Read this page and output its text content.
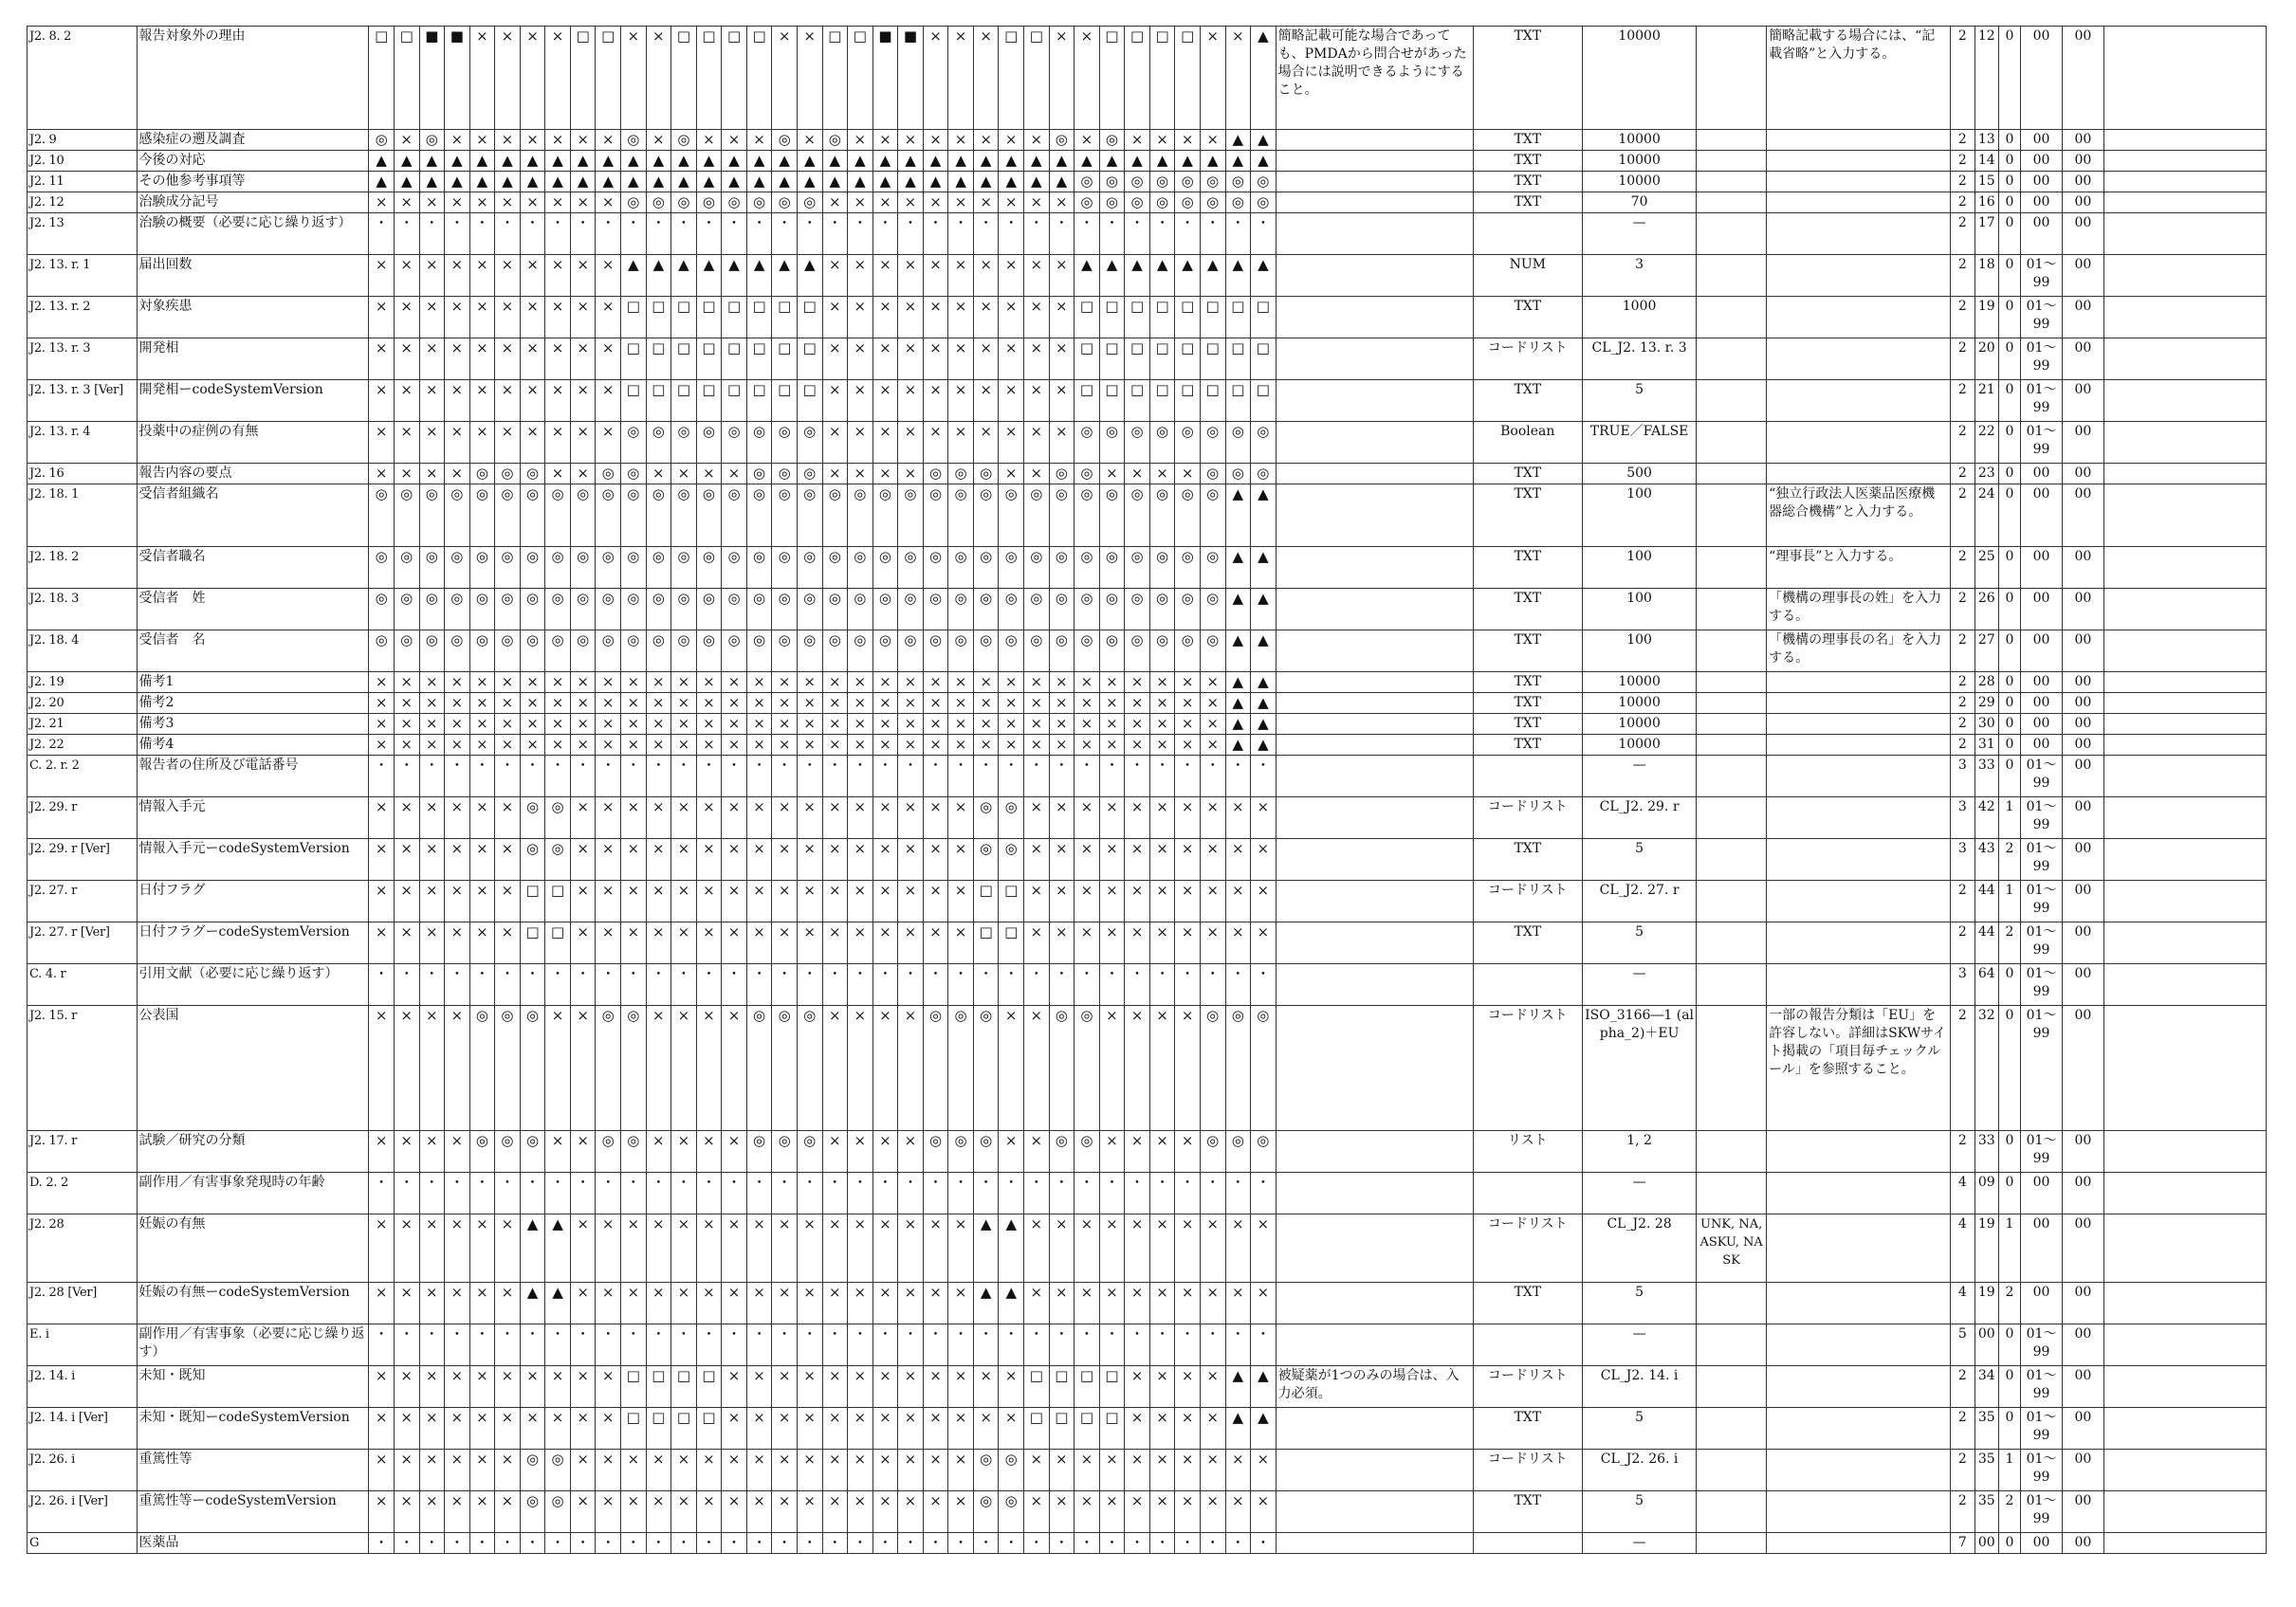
J2. 8. 2	報告対象外の理由	□	□	■	■	×	×	×	×	□	□	×	×	□	□	□	□	×	×	□	□	■	■	×	×	×	□	□	×	×	□	□	□	□	×	×	▲	簡略記載可能な場合であっても、PMDAから問合せがあった場合には説明できるようにすること。	TXT	10000		簡略記載する場合には、“記載省略”と入力する。	2	12	0	00	00	
J2. 9	感染症の遡及調査	◎	×	◎	×	×	×	×	×	×	×	◎	×	◎	×	×	×	◎	×	◎	×	×	×	×	×	×	×	×	◎	×	◎	×	×	×	×	▲	▲		TXT	10000			2	13	0	00	00	
J2. 10	今後の対応	▲	▲	▲	▲	▲	▲	▲	▲	▲	▲	▲	▲	▲	▲	▲	▲	▲	▲	▲	▲	▲	▲	▲	▲	▲	▲	▲	▲	▲	▲	▲	▲	▲	▲	▲	▲		TXT	10000			2	14	0	00	00	
J2. 11	その他参考事項等	▲	▲	▲	▲	▲	▲	▲	▲	▲	▲	▲	▲	▲	▲	▲	▲	▲	▲	▲	▲	▲	▲	▲	▲	▲	▲	▲	▲	◎	◎	◎	◎	◎	◎	◎	◎		TXT	10000			2	15	0	00	00	
J2. 12	治験成分記号	×	×	×	×	×	×	×	×	×	×	◎	◎	◎	◎	◎	◎	◎	◎	×	×	×	×	×	×	×	×	×	×	◎	◎	◎	◎	◎	◎	◎	◎		TXT	70			2	16	0	00	00	
J2. 13	治験の概要（必要に応じ繰り返す）	･	･	･	･	･	･	･	･	･	･	･	･	･	･	･	･	･	･	･	･	･	･	･	･	･	･	･	･	･	･	･	･	･	･	･	･			—			2	17	0	00	00	
J2. 13. r. 1	届出回数	×	×	×	×	×	×	×	×	×	×	▲	▲	▲	▲	▲	▲	▲	▲	×	×	×	×	×	×	×	×	×	×	▲	▲	▲	▲	▲	▲	▲	▲		NUM	3			2	18	0	01～99	00	
J2. 13. r. 2	対象疾患	×	×	×	×	×	×	×	×	×	×	□	□	□	□	□	□	□	□	×	×	×	×	×	×	×	×	×	×	□	□	□	□	□	□	□	□		TXT	1000			2	19	0	01～99	00	
J2. 13. r. 3	開発相	×	×	×	×	×	×	×	×	×	×	□	□	□	□	□	□	□	□	×	×	×	×	×	×	×	×	×	×	□	□	□	□	□	□	□	□		コードリスト	CL_J2. 13. r. 3			2	20	0	01～99	00	
J2. 13. r. 3 [Ver]	開発相ーcodeSystemVersion	×	×	×	×	×	×	×	×	×	×	□	□	□	□	□	□	□	□	×	×	×	×	×	×	×	×	×	×	□	□	□	□	□	□	□	□		TXT	5			2	21	0	01～99	00	
J2. 13. r. 4	投薬中の症例の有無	×	×	×	×	×	×	×	×	×	×	◎	◎	◎	◎	◎	◎	◎	◎	×	×	×	×	×	×	×	×	×	×	◎	◎	◎	◎	◎	◎	◎	◎		Boolean	TRUE／FALSE			2	22	0	01～99	00	
J2. 16	報告内容の要点	×	×	×	×	◎	◎	◎	×	×	◎	◎	×	×	×	×	◎	◎	◎	×	×	×	×	◎	◎	◎	×	×	◎	◎	×	×	×	×	◎	◎	◎		TXT	500			2	23	0	00	00	
J2. 18. 1	受信者組織名	◎	◎	◎	◎	◎	◎	◎	◎	◎	◎	◎	◎	◎	◎	◎	◎	◎	◎	◎	◎	◎	◎	◎	◎	◎	◎	◎	◎	◎	◎	◎	◎	◎	◎	▲	▲		TXT	100		“独立行政法人医薬品医療機器総合機構”と入力する。	2	24	0	00	00	
J2. 18. 2	受信者職名	◎	◎	◎	◎	◎	◎	◎	◎	◎	◎	◎	◎	◎	◎	◎	◎	◎	◎	◎	◎	◎	◎	◎	◎	◎	◎	◎	◎	◎	◎	◎	◎	◎	◎	▲	▲		TXT	100		“理事長”と入力する。	2	25	0	00	00	
J2. 18. 3	受信者　姓	◎	◎	◎	◎	◎	◎	◎	◎	◎	◎	◎	◎	◎	◎	◎	◎	◎	◎	◎	◎	◎	◎	◎	◎	◎	◎	◎	◎	◎	◎	◎	◎	◎	◎	▲	▲		TXT	100		「機構の理事長の姓」を入力する。	2	26	0	00	00	
J2. 18. 4	受信者　名	◎	◎	◎	◎	◎	◎	◎	◎	◎	◎	◎	◎	◎	◎	◎	◎	◎	◎	◎	◎	◎	◎	◎	◎	◎	◎	◎	◎	◎	◎	◎	◎	◎	◎	▲	▲		TXT	100		「機構の理事長の名」を入力する。	2	27	0	00	00	
J2. 19	備考1	×	×	×	×	×	×	×	×	×	×	×	×	×	×	×	×	×	×	×	×	×	×	×	×	×	×	×	×	×	×	×	×	×	×	▲	▲		TXT	10000			2	28	0	00	00	
J2. 20	備考2	×	×	×	×	×	×	×	×	×	×	×	×	×	×	×	×	×	×	×	×	×	×	×	×	×	×	×	×	×	×	×	×	×	×	▲	▲		TXT	10000			2	29	0	00	00	
J2. 21	備考3	×	×	×	×	×	×	×	×	×	×	×	×	×	×	×	×	×	×	×	×	×	×	×	×	×	×	×	×	×	×	×	×	×	×	▲	▲		TXT	10000			2	30	0	00	00	
J2. 22	備考4	×	×	×	×	×	×	×	×	×	×	×	×	×	×	×	×	×	×	×	×	×	×	×	×	×	×	×	×	×	×	×	×	×	×	▲	▲		TXT	10000			2	31	0	00	00	
C. 2. r. 2	報告者の住所及び電話番号	･	･	･	･	･	･	･	･	･	･	･	･	･	･	･	･	･	･	･	･	･	･	･	･	･	･	･	･	･	･	･	･	･	･	･	･			—			3	33	0	01～99	00	
J2. 29. r	情報入手元	×	×	×	×	×	×	◎	◎	×	×	×	×	×	×	×	×	×	×	×	×	×	×	×	×	◎	◎	×	×	×	×	×	×	×	×	×	×		コードリスト	CL_J2. 29. r			3	42	1	01～99	00	
J2. 29. r [Ver]	情報入手元ーcodeSystemVersion	×	×	×	×	×	×	◎	◎	×	×	×	×	×	×	×	×	×	×	×	×	×	×	×	×	◎	◎	×	×	×	×	×	×	×	×	×	×		TXT	5			3	43	2	01～99	00	
J2. 27. r	日付フラグ	×	×	×	×	×	×	□	□	×	×	×	×	×	×	×	×	×	×	×	×	×	×	×	×	□	□	×	×	×	×	×	×	×	×	×	×		コードリスト	CL_J2. 27. r			2	44	1	01～99	00	
J2. 27. r [Ver]	日付フラグーcodeSystemVersion	×	×	×	×	×	×	□	□	×	×	×	×	×	×	×	×	×	×	×	×	×	×	×	×	□	□	×	×	×	×	×	×	×	×	×	×		TXT	5			2	44	2	01～99	00	
C. 4. r	引用文献（必要に応じ繰り返す）	･	･	･	･	･	･	･	･	･	･	･	･	･	･	･	･	･	･	･	･	･	･	･	･	･	･	･	･	･	･	･	･	･	･	･	･			—			3	64	0	01～99	00	
J2. 15. r	公表国	×	×	×	×	◎	◎	◎	×	×	◎	◎	×	×	×	×	◎	◎	◎	×	×	×	×	◎	◎	◎	×	×	◎	◎	×	×	×	×	◎	◎	◎		コードリスト	ISO_3166―1 (alpha_2)＋EU		一部の報告分類は「EU」を許容しない。詳細はSKWサイト掲載の「項目毎チェックルール」を参照すること。	2	32	0	01～99	00	
J2. 17. r	試験／研究の分類	×	×	×	×	◎	◎	◎	×	×	◎	◎	×	×	×	×	◎	◎	◎	×	×	×	×	◎	◎	◎	×	×	◎	◎	×	×	×	×	◎	◎	◎		リスト	1, 2			2	33	0	01～99	00	
D. 2. 2	副作用／有害事象発現時の年齢	･	･	･	･	･	･	･	･	･	･	･	･	･	･	･	･	･	･	･	･	･	･	･	･	･	･	･	･	･	･	･	･	･	･	･	･			—			4	09	0	00	00	
J2. 28	妊娠の有無	×	×	×	×	×	×	▲	▲	×	×	×	×	×	×	×	×	×	×	×	×	×	×	×	×	▲	▲	×	×	×	×	×	×	×	×	×	×		コードリスト	CL_J2. 28	UNK, NA, ASKU, NASK		4	19	1	00	00	
J2. 28 [Ver]	妊娠の有無ーcodeSystemVersion	×	×	×	×	×	×	▲	▲	×	×	×	×	×	×	×	×	×	×	×	×	×	×	×	×	▲	▲	×	×	×	×	×	×	×	×	×	×		TXT	5			4	19	2	00	00	
E. i	副作用／有害事象（必要に応じ繰り返す）	･	･	･	･	･	･	･	･	･	･	･	･	･	･	･	･	･	･	･	･	･	･	･	･	･	･	･	･	･	･	･	･	･	･	･	･			—			5	00	0	01～99	00	
J2. 14. i	未知・既知	×	×	×	×	×	×	×	×	×	×	□	□	□	□	×	×	×	×	×	×	×	×	×	×	×	×	□	□	□	□	×	×	×	×	▲	▲	被疑薬が1つのみの場合は、入力必須。	コードリスト	CL_J2. 14. i			2	34	0	01～99	00	
J2. 14. i [Ver]	未知・既知ーcodeSystemVersion	×	×	×	×	×	×	×	×	×	×	□	□	□	□	×	×	×	×	×	×	×	×	×	×	×	×	□	□	□	□	×	×	×	×	▲	▲		TXT	5			2	35	0	01～99	00	
J2. 26. i	重篤性等	×	×	×	×	×	×	◎	◎	×	×	×	×	×	×	×	×	×	×	×	×	×	×	×	×	◎	◎	×	×	×	×	×	×	×	×	×	×		コードリスト	CL_J2. 26. i			2	35	1	01～99	00	
J2. 26. i [Ver]	重篤性等ーcodeSystemVersion	×	×	×	×	×	×	◎	◎	×	×	×	×	×	×	×	×	×	×	×	×	×	×	×	×	◎	◎	×	×	×	×	×	×	×	×	×	×		TXT	5			2	35	2	01～99	00	
G	医薬品	･	･	･	･	･	･	･	･	･	･	･	･	･	･	･	･	･	･	･	･	･	･	･	･	･	･	･	･	･	･	･	･	･	･	･	･			—			7	00	0	00	00	
